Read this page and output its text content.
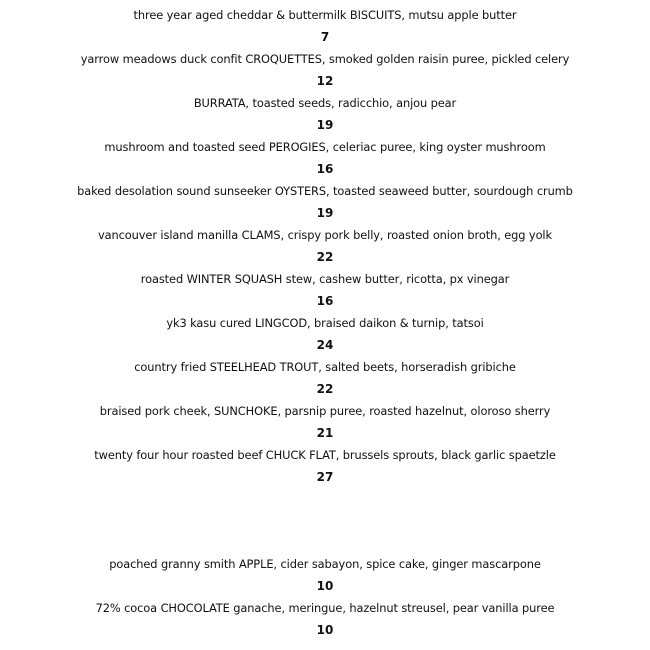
three year aged cheddar & buttermilk BISCUITS, mutsu apple butter
7
yarrow meadows duck confit CROQUETTES, smoked golden raisin puree, pickled celery
12
BURRATA, toasted seeds, radicchio, anjou pear
19
mushroom and toasted seed PEROGIES, celeriac puree, king oyster mushroom
16
baked desolation sound sunseeker OYSTERS, toasted seaweed butter, sourdough crumb
19
vancouver island manilla CLAMS, crispy pork belly, roasted onion broth, egg yolk
22
roasted WINTER SQUASH stew, cashew butter, ricotta, px vinegar
16
yk3 kasu cured LINGCOD, braised daikon & turnip, tatsoi
24
country fried STEELHEAD TROUT, salted beets, horseradish gribiche
22
braised pork cheek, SUNCHOKE, parsnip puree, roasted hazelnut, oloroso sherry
21
twenty four hour roasted beef CHUCK FLAT, brussels sprouts, black garlic spaetzle
27
poached granny smith APPLE, cider sabayon, spice cake, ginger mascarpone
10
72% cocoa CHOCOLATE ganache, meringue, hazelnut streusel, pear vanilla puree
10
